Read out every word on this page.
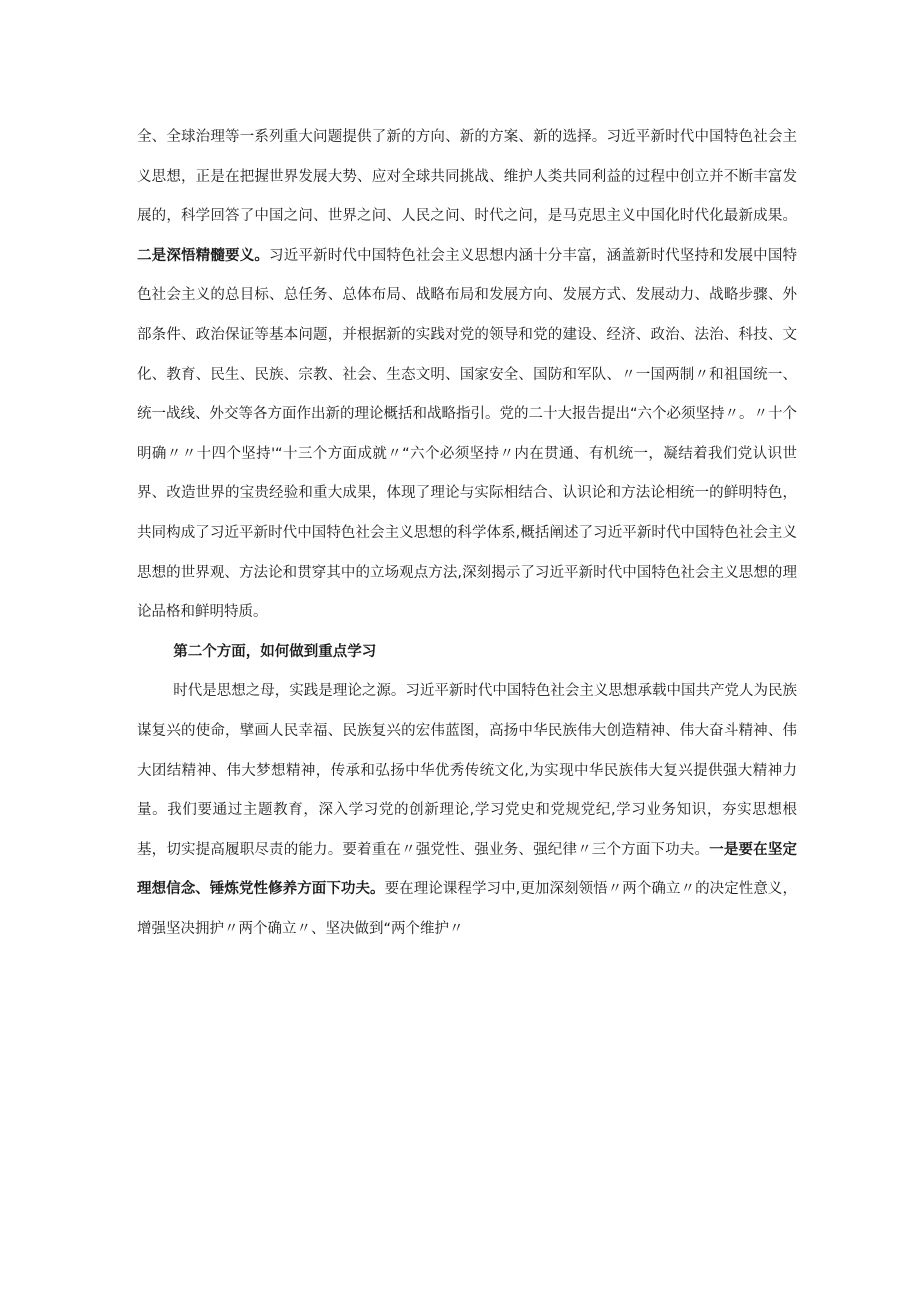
全、全球治理等一系列重大问题提供了新的方向、新的方案、新的选择。习近平新时代中国特色社会主义思想，正是在把握世界发展大势、应对全球共同挑战、维护人类共同利益的过程中创立并不断丰富发展的，科学回答了中国之问、世界之问、人民之问、时代之问，是马克思主义中国化时代化最新成果。二是深悟精髓要义。习近平新时代中国特色社会主义思想内涵十分丰富，涵盖新时代坚持和发展中国特色社会主义的总目标、总任务、总体布局、战略布局和发展方向、发展方式、发展动力、战略步骤、外部条件、政治保证等基本问题，并根据新的实践对党的领导和党的建设、经济、政治、法治、科技、文化、教育、民生、民族、宗教、社会、生态文明、国家安全、国防和军队、〃一国两制〃和祖国统一、统一战线、外交等各方面作出新的理论概括和战略指引。党的二十大报告提出“六个必须坚持〃。〃十个明确〃〃十四个坚持'“十三个方面成就〃“六个必须坚持〃内在贯通、有机统一，凝结着我们党认识世界、改造世界的宝贵经验和重大成果，体现了理论与实际相结合、认识论和方法论相统一的鲜明特色，共同构成了习近平新时代中国特色社会主义思想的科学体系,概括阐述了习近平新时代中国特色社会主义思想的世界观、方法论和贯穿其中的立场观点方法,深刻揭示了习近平新时代中国特色社会主义思想的理论品格和鲜明特质。

第二个方面，如何做到重点学习

时代是思想之母，实践是理论之源。习近平新时代中国特色社会主义思想承载中国共产党人为民族谋复兴的使命，擘画人民幸福、民族复兴的宏伟蓝图，高扬中华民族伟大创造精神、伟大奋斗精神、伟大团结精神、伟大梦想精神，传承和弘扬中华优秀传统文化,为实现中华民族伟大复兴提供强大精神力量。我们要通过主题教育，深入学习党的创新理论,学习党史和党规党纪,学习业务知识，夯实思想根基，切实提高履职尽责的能力。要着重在〃强党性、强业务、强纪律〃三个方面下功夫。一是要在坚定理想信念、锤炼党性修养方面下功夫。要在理论课程学习中,更加深刻领悟〃两个确立〃的决定性意义，增强坚决拥护〃两个确立〃、坚决做到“两个维护〃
